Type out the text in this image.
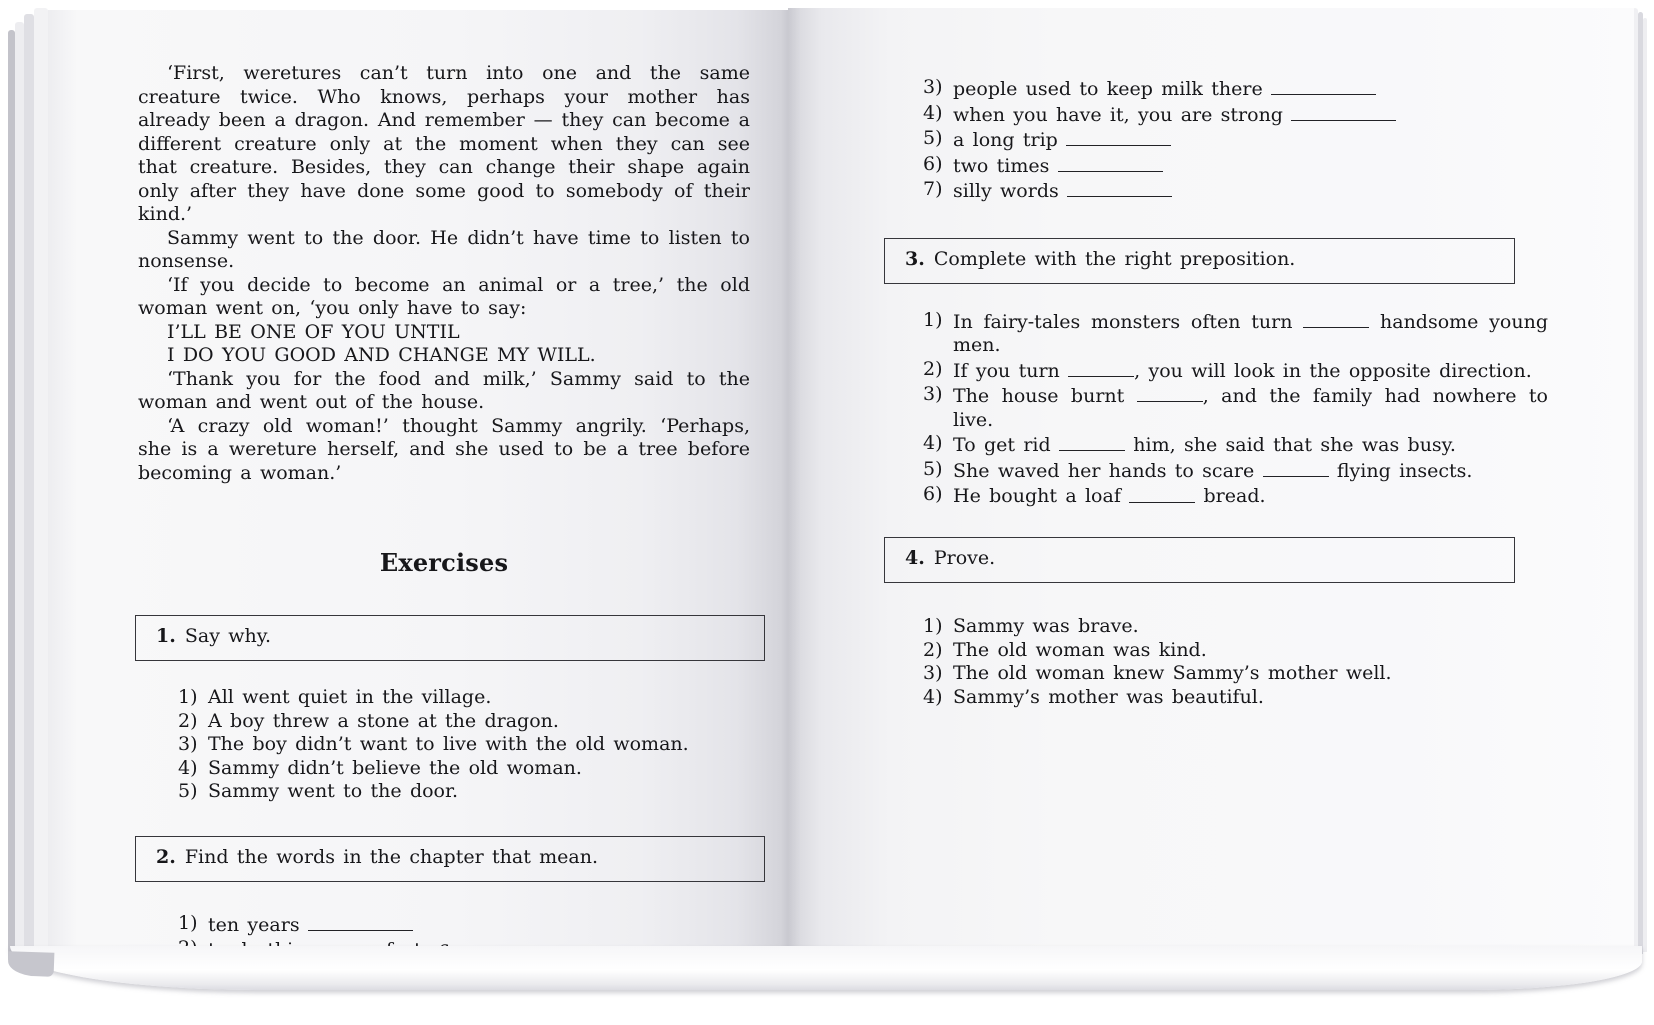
‘First, weretures can’t turn into one and the same creature twice. Who knows, perhaps your mother has already been a dragon. And remember — they can become a different creature only at the moment when they can see that creature. Besides, they can change their shape again only after they have done some good to somebody of their kind.’

Sammy went to the door. He didn’t have time to listen to nonsense.

‘If you decide to become an animal or a tree,’ the old woman went on, ‘you only have to say:

I’LL BE ONE OF YOU UNTIL

I DO YOU GOOD AND CHANGE MY WILL.

‘Thank you for the food and milk,’ Sammy said to the woman and went out of the house.

‘A crazy old woman!’ thought Sammy angrily. ‘Perhaps, she is a wereture herself, and she used to be a tree before becoming a woman.’

Exercises
1. Say why.
1) All went quiet in the village.
2) A boy threw a stone at the dragon.
3) The boy didn’t want to live with the old woman.
4) Sammy didn’t believe the old woman.
5) Sammy went to the door.
2. Find the words in the chapter that mean.
1) ten years
3) people used to keep milk there
4) when you have it, you are strong
5) a long trip
6) two times
7) silly words
3. Complete with the right preposition.
1) In fairy-tales monsters often turn	handsome young men.
2) If you turn	, you will look in the opposite direction.
3) The house burnt	, and the family had nowhere to live.
4) To get rid	him, she said that she was busy.
5) She waved her hands to scare	flying insects.
6) He bought a loaf	bread.
4. Prove.
1) Sammy was brave.
2) The old woman was kind.
3) The old woman knew Sammy’s mother well.
4) Sammy’s mother was beautiful.
